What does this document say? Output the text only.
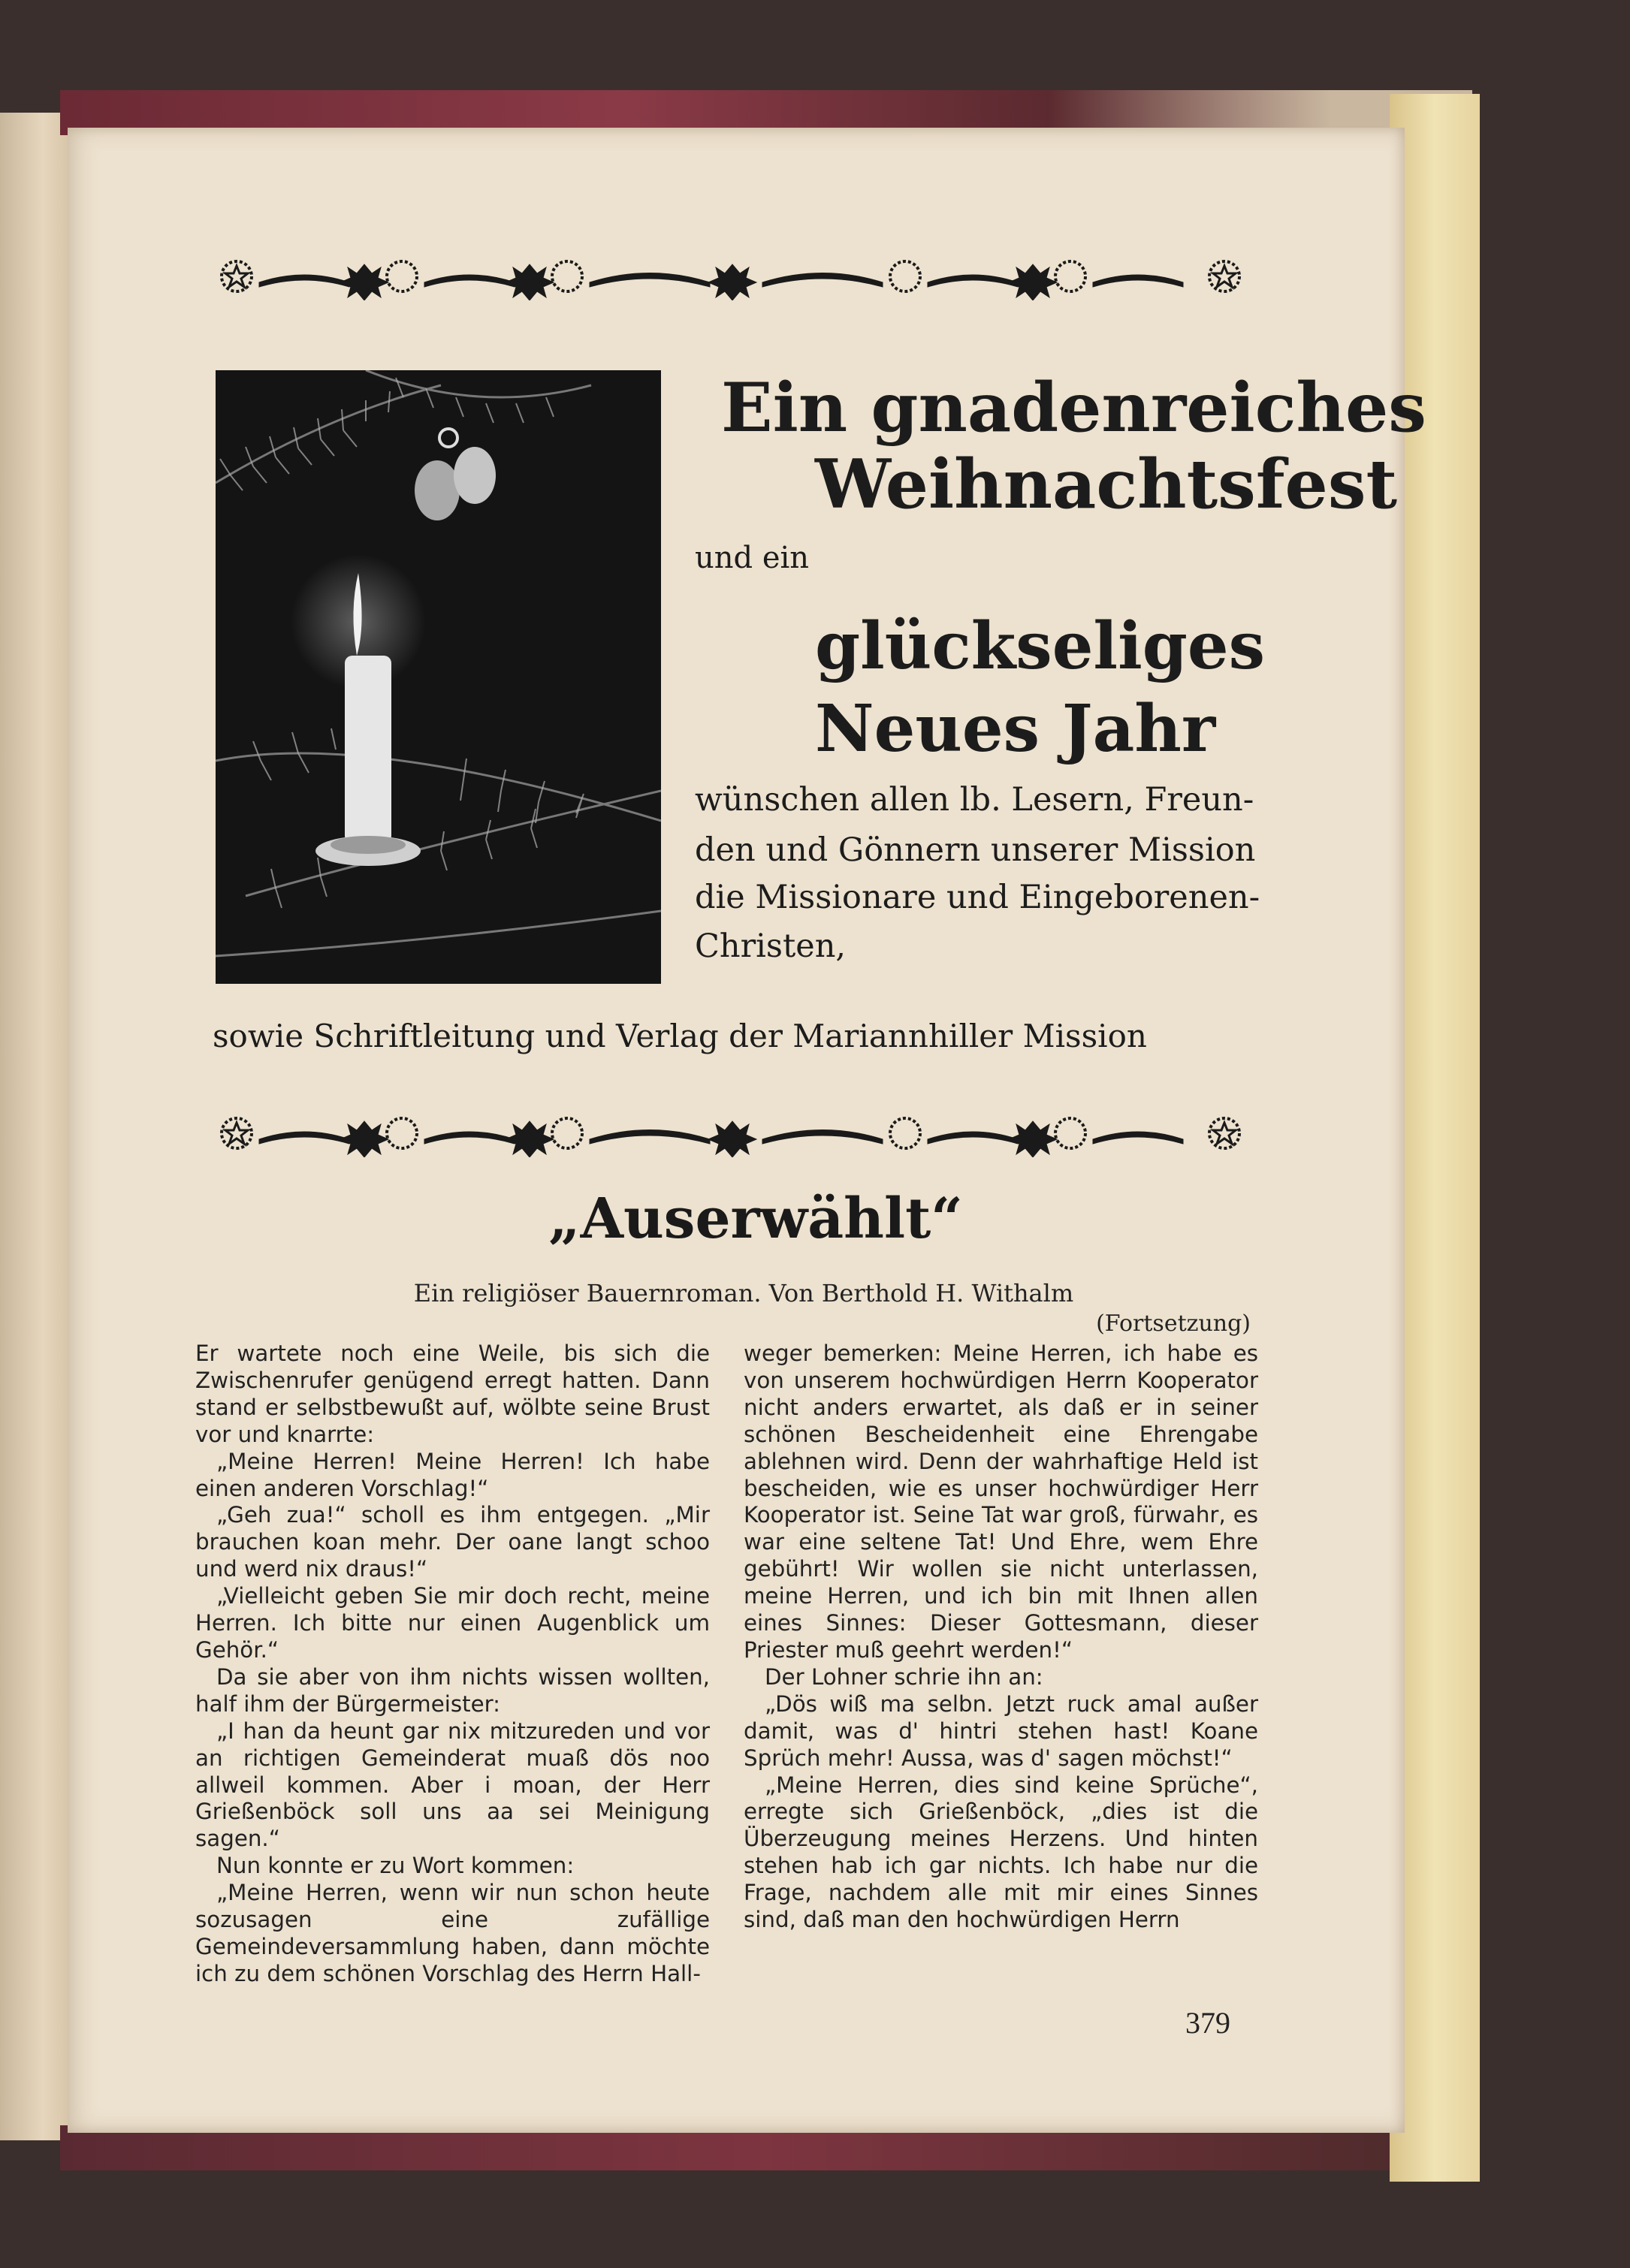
Ein gnadenreiches
Weihnachtsfest
und ein
glückseliges
Neues Jahr
wünschen allen lb. Lesern, Freun-
den und Gönnern unserer Mission
die Missionare und Eingeborenen-
Christen,
sowie Schriftleitung und Verlag der Mariannhiller Mission
„Auserwählt“
Ein religiöser Bauernroman. Von Berthold H. Withalm
(Fortsetzung)

Er wartete noch eine Weile, bis sich die Zwischenrufer genügend erregt hatten. Dann stand er selbstbewußt auf, wölbte seine Brust vor und knarrte:

„Meine Herren! Meine Herren! Ich habe einen anderen Vorschlag!“

„Geh zua!“ scholl es ihm entgegen. „Mir brauchen koan mehr. Der oane langt schoo und werd nix draus!“

„Vielleicht geben Sie mir doch recht, meine Herren. Ich bitte nur einen Augenblick um Gehör.“

Da sie aber von ihm nichts wissen wollten, half ihm der Bürgermeister:

„I han da heunt gar nix mitzureden und vor an richtigen Gemeinderat muaß dös noo allweil kommen. Aber i moan, der Herr Grießenböck soll uns aa sei Meinigung sagen.“

Nun konnte er zu Wort kommen:

„Meine Herren, wenn wir nun schon heute sozusagen eine zufällige Gemeindeversammlung haben, dann möchte ich zu dem schönen Vorschlag des Herrn Hall-

weger bemerken: Meine Herren, ich habe es von unserem hochwürdigen Herrn Kooperator nicht anders erwartet, als daß er in seiner schönen Bescheidenheit eine Ehrengabe ablehnen wird. Denn der wahrhaftige Held ist bescheiden, wie es unser hochwürdiger Herr Kooperator ist. Seine Tat war groß, fürwahr, es war eine seltene Tat! Und Ehre, wem Ehre gebührt! Wir wollen sie nicht unterlassen, meine Herren, und ich bin mit Ihnen allen eines Sinnes: Dieser Gottesmann, dieser Priester muß geehrt werden!“

Der Lohner schrie ihn an:

„Dös wiß ma selbn. Jetzt ruck amal außer damit, was d' hintri stehen hast! Koane Sprüch mehr! Aussa, was d' sagen möchst!“

„Meine Herren, dies sind keine Sprüche“, erregte sich Grießenböck, „dies ist die Überzeugung meines Herzens. Und hinten stehen hab ich gar nichts. Ich habe nur die Frage, nachdem alle mit mir eines Sinnes sind, daß man den hochwürdigen Herrn

379
